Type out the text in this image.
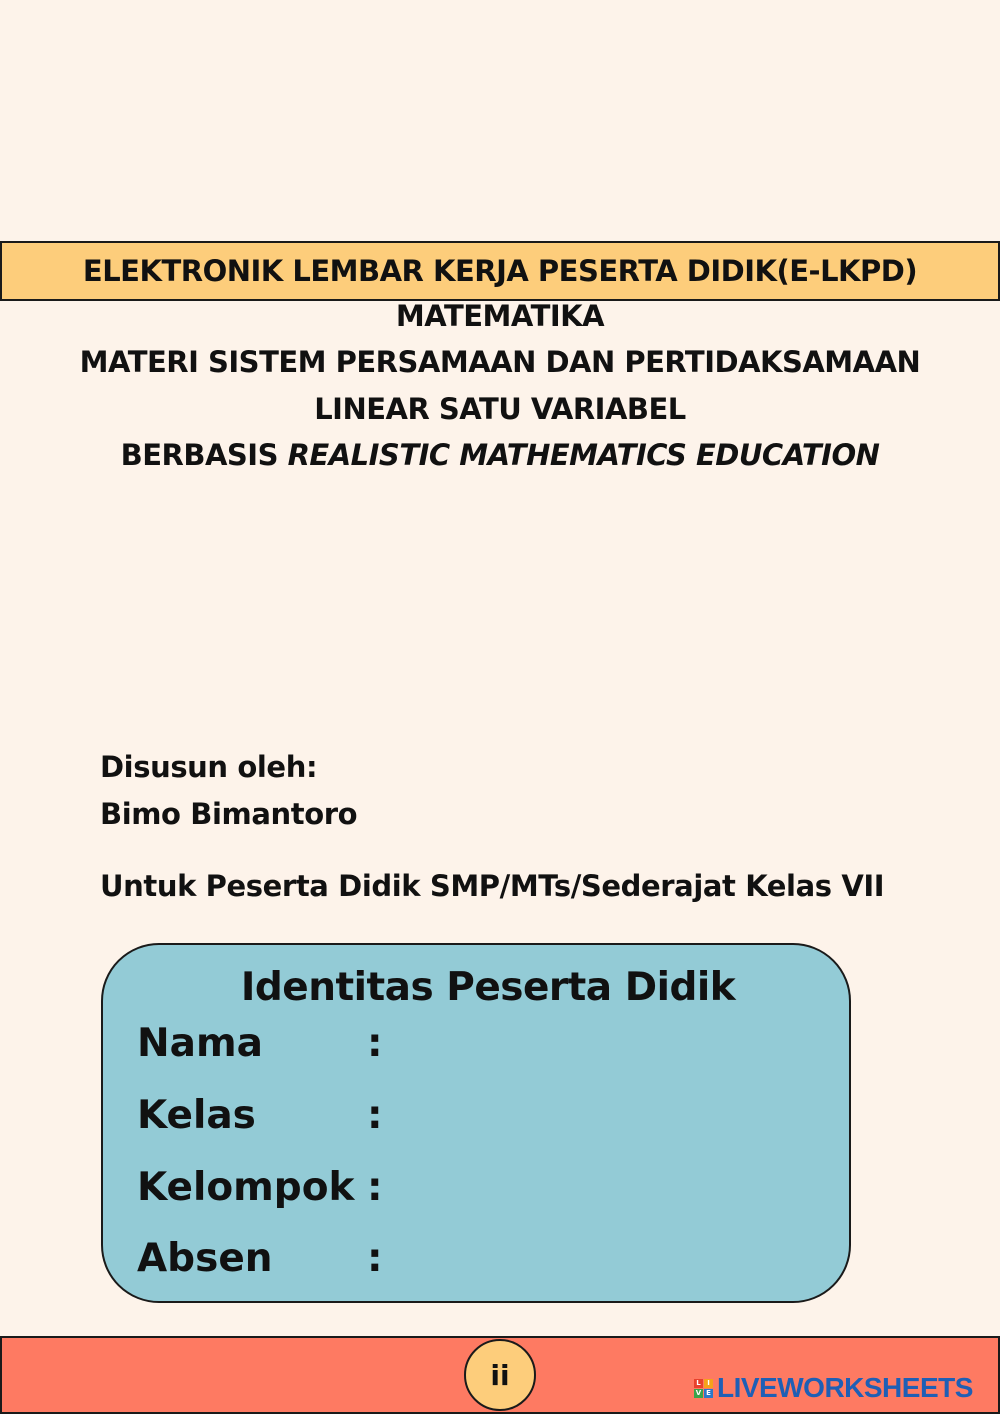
ELEKTRONIK LEMBAR KERJA PESERTA DIDIK(E-LKPD)
MATEMATIKA
MATERI SISTEM PERSAMAAN DAN PERTIDAKSAMAAN
LINEAR SATU VARIABEL
BERBASIS REALISTIC MATHEMATICS EDUCATION
Disusun oleh:
Bimo Bimantoro
Untuk Peserta Didik SMP/MTs/Sederajat Kelas VII
Identitas Peserta Didik
Nama	:
Kelas	:
Kelompok :
Absen :
ii	L I
V E LIVEWORKSHEETS
